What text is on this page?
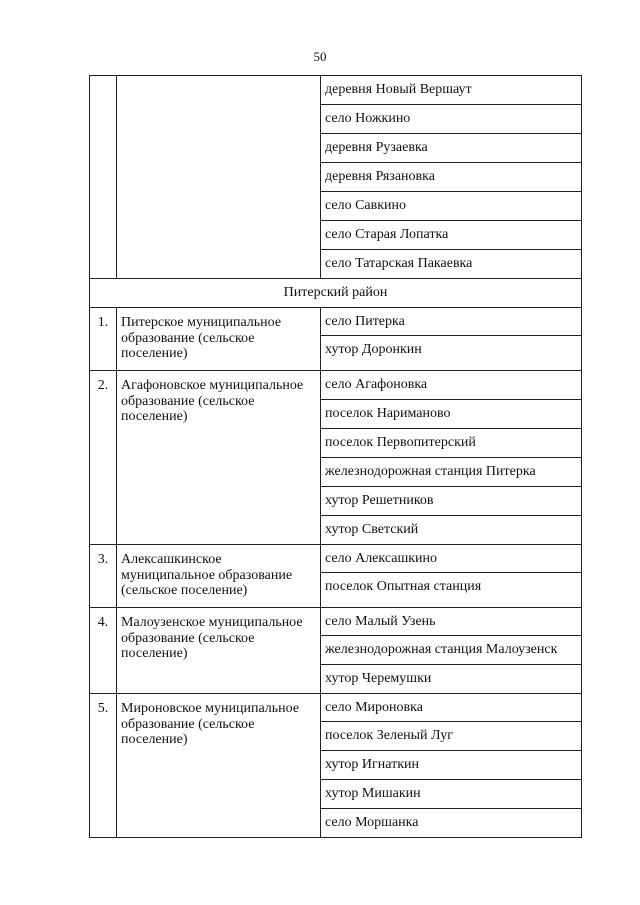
50
		деревня Новый Вершаут
		село Ножкино
		деревня Рузаевка
		деревня Рязановка
		село Савкино
		село Старая Лопатка
		село Татарская Пакаевка
Питерский район		
1.	Питерское муниципальное образование (сельское поселение)	село Питерка
		хутор Доронкин
2.	Агафоновское муниципальное образование (сельское поселение)	село Агафоновка
		поселок Нариманово
		поселок Первопитерский
		железнодорожная станция Питерка
		хутор Решетников
		хутор Светский
3.	Алексашкинское муниципальное образование (сельское поселение)	село Алексашкино
		поселок Опытная станция
4.	Малоузенское муниципальное образование (сельское поселение)	село Малый Узень
		железнодорожная станция Малоузенск
		хутор Черемушки
5.	Мироновское муниципальное образование (сельское поселение)	село Мироновка
		поселок Зеленый Луг
		хутор Игнаткин
		хутор Мишакин
		село Моршанка
